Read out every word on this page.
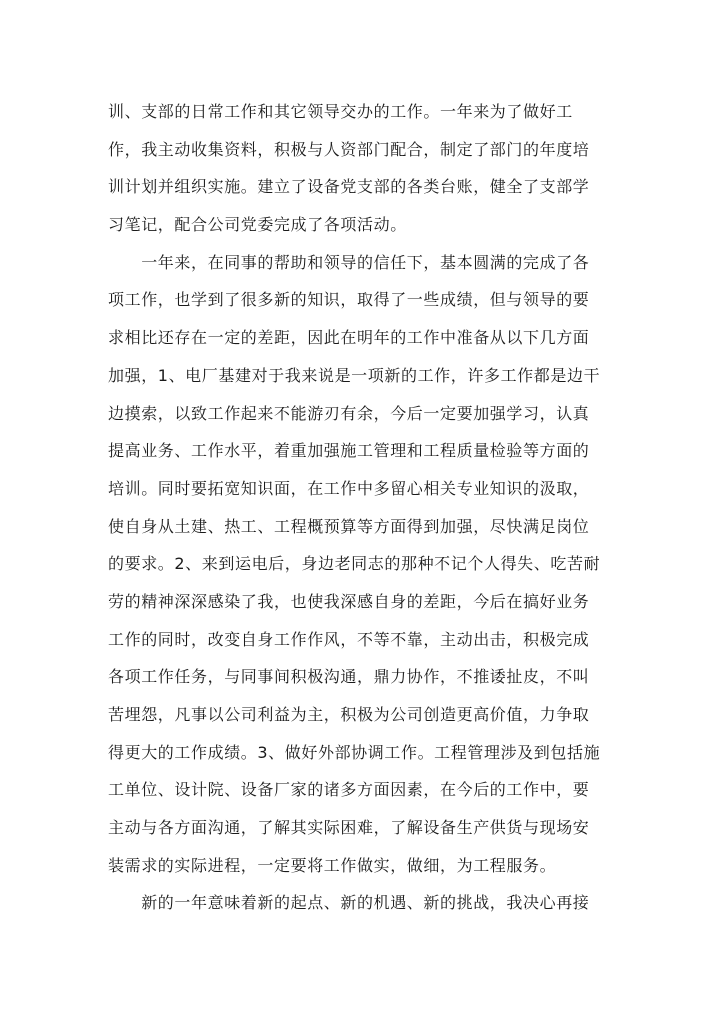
训、支部的日常工作和其它领导交办的工作。一年来为了做好工
作，我主动收集资料，积极与人资部门配合，制定了部门的年度培
训计划并组织实施。建立了设备党支部的各类台账，健全了支部学
习笔记，配合公司党委完成了各项活动。
　　一年来，在同事的帮助和领导的信任下，基本圆满的完成了各
项工作，也学到了很多新的知识，取得了一些成绩，但与领导的要
求相比还存在一定的差距，因此在明年的工作中准备从以下几方面
加强，1、电厂基建对于我来说是一项新的工作，许多工作都是边干
边摸索，以致工作起来不能游刃有余，今后一定要加强学习，认真
提高业务、工作水平，着重加强施工管理和工程质量检验等方面的
培训。同时要拓宽知识面，在工作中多留心相关专业知识的汲取，
使自身从土建、热工、工程概预算等方面得到加强，尽快满足岗位
的要求。2、来到运电后，身边老同志的那种不记个人得失、吃苦耐
劳的精神深深感染了我，也使我深感自身的差距，今后在搞好业务
工作的同时，改变自身工作作风，不等不靠，主动出击，积极完成
各项工作任务，与同事间积极沟通，鼎力协作，不推诿扯皮，不叫
苦埋怨，凡事以公司利益为主，积极为公司创造更高价值，力争取
得更大的工作成绩。3、做好外部协调工作。工程管理涉及到包括施
工单位、设计院、设备厂家的诸多方面因素，在今后的工作中，要
主动与各方面沟通，了解其实际困难，了解设备生产供货与现场安
装需求的实际进程，一定要将工作做实，做细，为工程服务。
　　新的一年意味着新的起点、新的机遇、新的挑战，我决心再接
